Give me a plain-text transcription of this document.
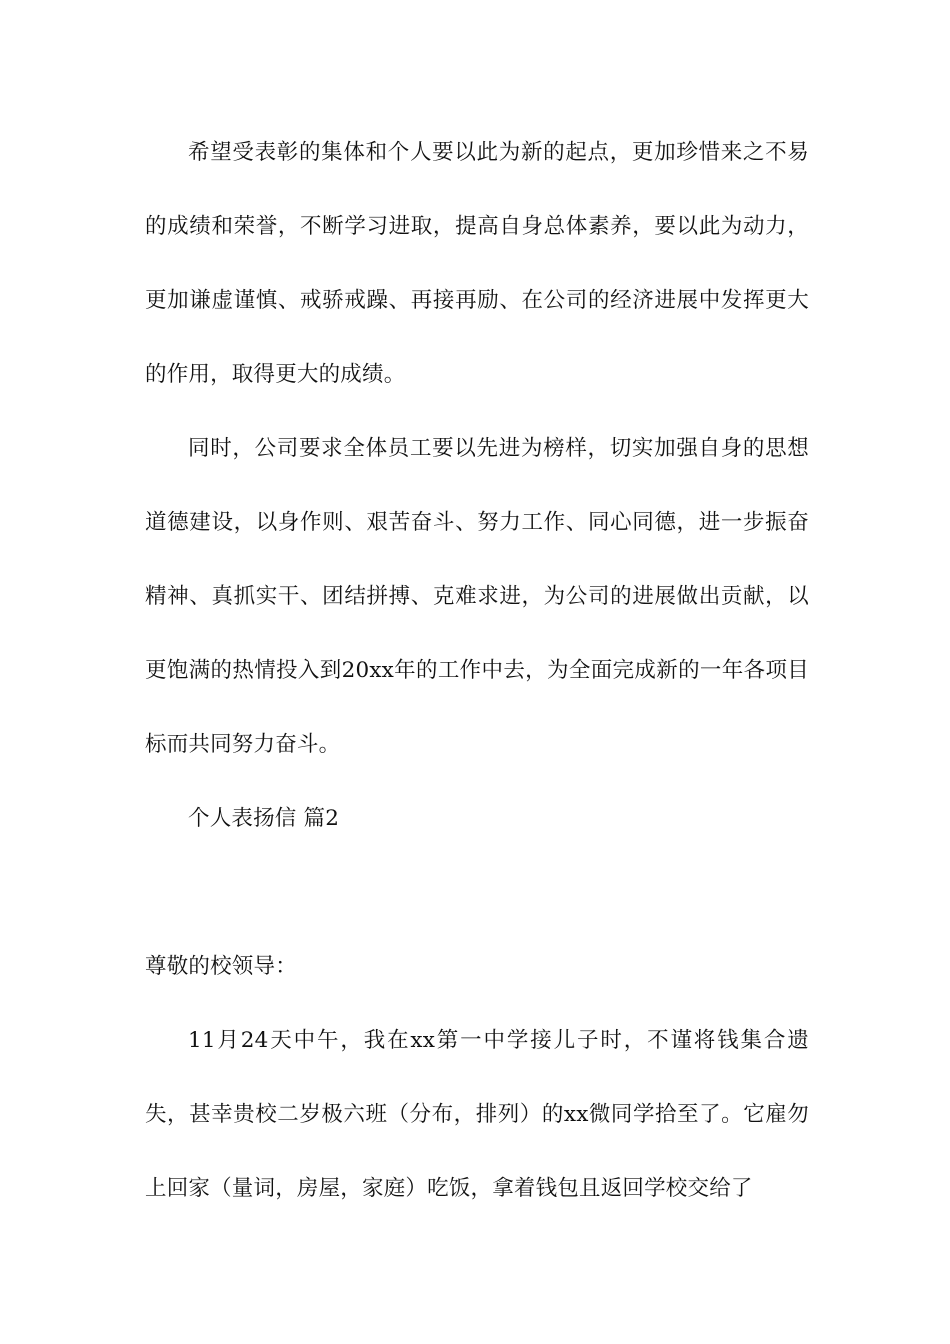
希望受表彰的集体和个人要以此为新的起点，更加珍惜来之不易的成绩和荣誉，不断学习进取，提高自身总体素养，要以此为动力，更加谦虚谨慎、戒骄戒躁、再接再励、在公司的经济进展中发挥更大的作用，取得更大的成绩。

同时，公司要求全体员工要以先进为榜样，切实加强自身的思想道德建设，以身作则、艰苦奋斗、努力工作、同心同德，进一步振奋精神、真抓实干、团结拼搏、克难求进，为公司的进展做出贡献，以更饱满的热情投入到20xx年的工作中去，为全面完成新的一年各项目标而共同努力奋斗。

个人表扬信 篇2

尊敬的校领导：

11月24天中午，我在xx第一中学接儿子时，不谨将钱集合遗失，甚幸贵校二岁极六班（分布，排列）的xx微同学拾至了。它雇勿上回家（量词，房屋，家庭）吃饭，拿着钱包且返回学校交给了
